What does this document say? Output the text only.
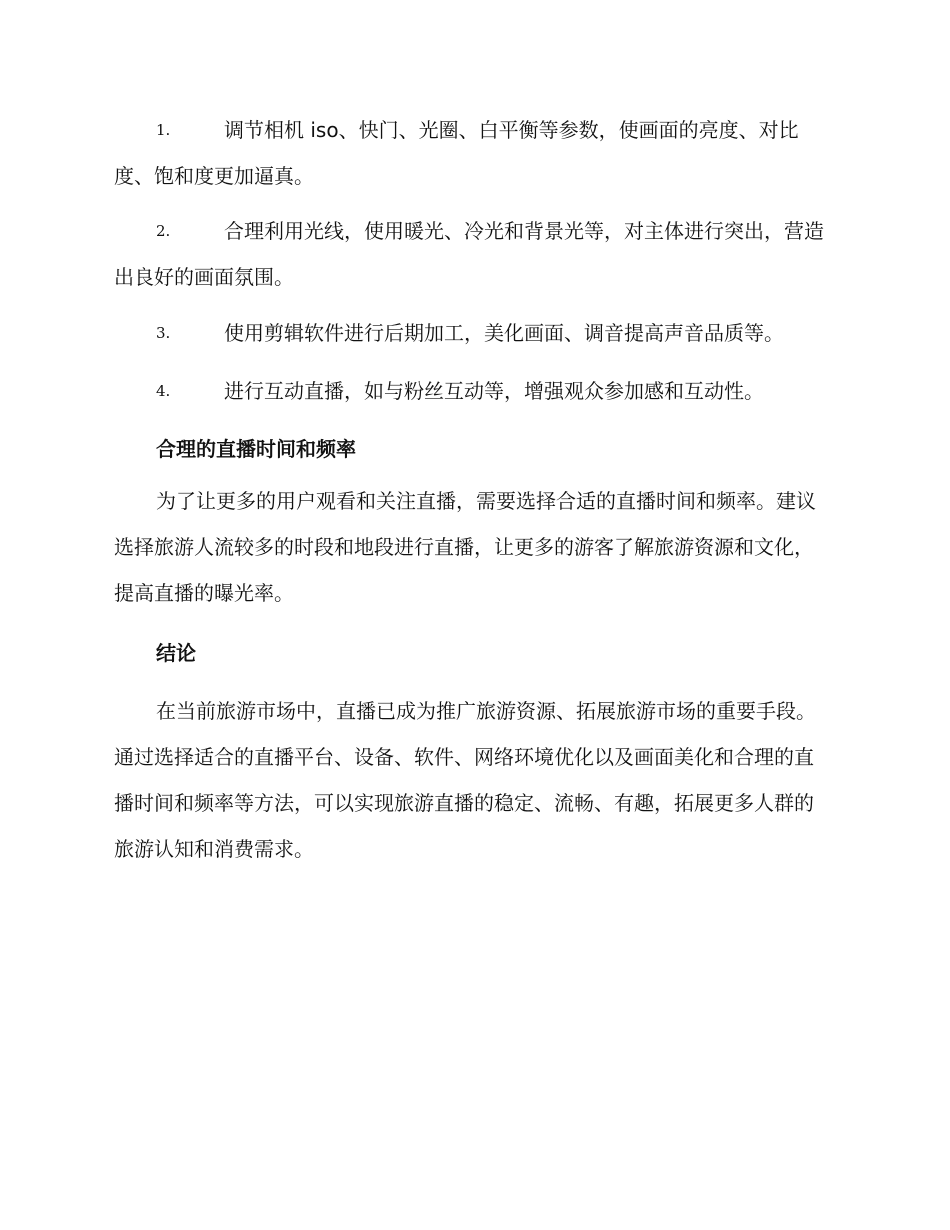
1.	调节相机 iso、快门、光圈、白平衡等参数，使画面的亮度、对比度、饱和度更加逼真。
2.	合理利用光线，使用暖光、冷光和背景光等，对主体进行突出，营造出良好的画面氛围。
3.	使用剪辑软件进行后期加工，美化画面、调音提高声音品质等。
4.	进行互动直播，如与粉丝互动等，增强观众参加感和互动性。
合理的直播时间和频率
为了让更多的用户观看和关注直播，需要选择合适的直播时间和频率。建议选择旅游人流较多的时段和地段进行直播，让更多的游客了解旅游资源和文化，提高直播的曝光率。
结论
在当前旅游市场中，直播已成为推广旅游资源、拓展旅游市场的重要手段。通过选择适合的直播平台、设备、软件、网络环境优化以及画面美化和合理的直播时间和频率等方法，可以实现旅游直播的稳定、流畅、有趣，拓展更多人群的旅游认知和消费需求。
